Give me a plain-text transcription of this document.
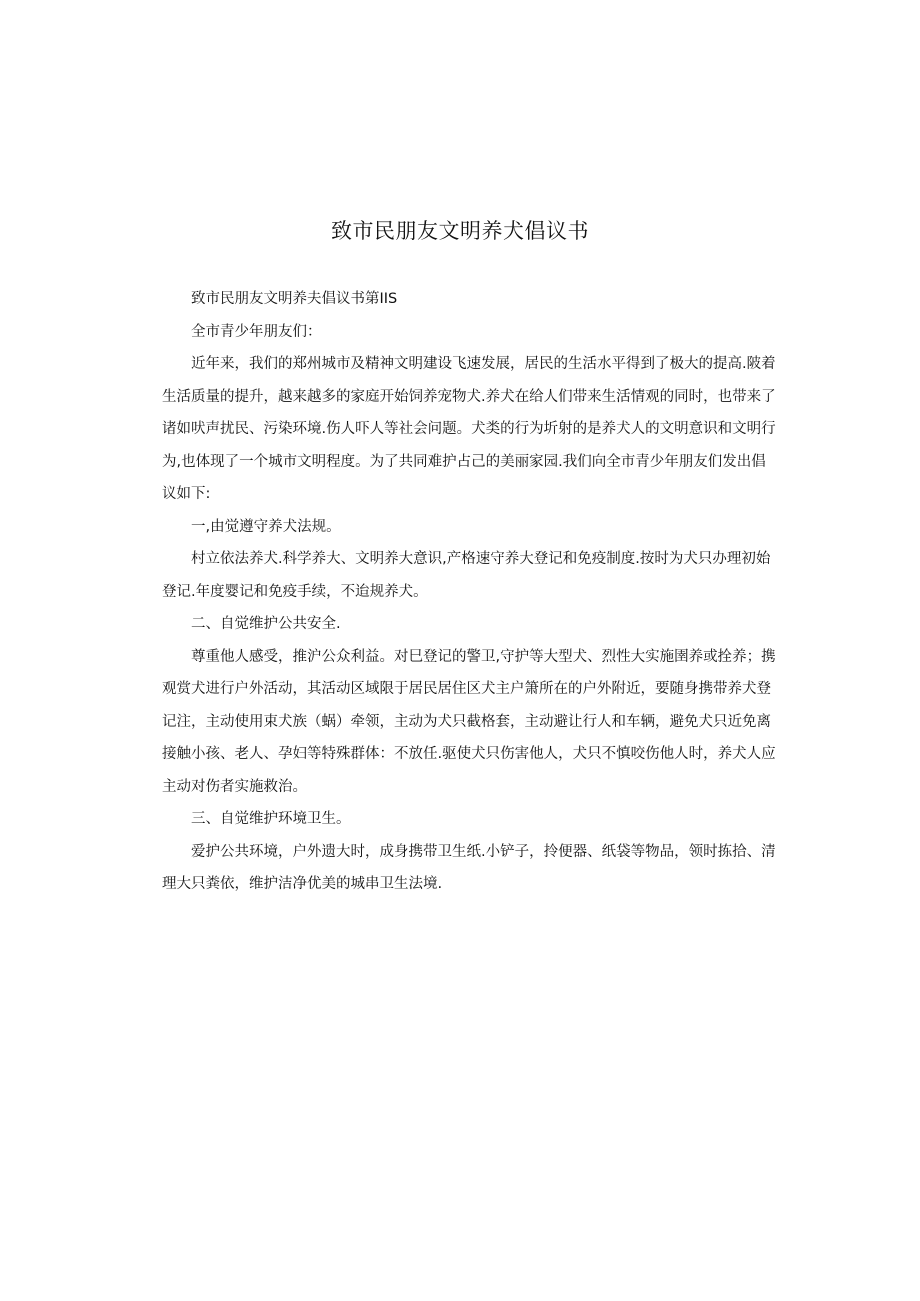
致市民朋友文明养犬倡议书

致市民朋友文明养夫倡议书第IIS

全市青少年朋友们：

近年来，我们的郑州城市及精神文明建设飞速发展，居民的生活水平得到了极大的提高.陂着生活质量的提升，越来越多的家庭开始饲养宠物犬.养犬在给人们带来生活情观的同时，也带来了诸如吠声扰民、污染环境.伤人吓人等社会问题。犬类的行为圻射的是养犬人的文明意识和文明行为,也体现了一个城市文明程度。为了共同难护占己的美丽家园.我们向全市青少年朋友们发出倡议如下:

一,由觉遵守养犬法规。

村立依法养犬.科学养大、文明养大意识,产格速守养大登记和免疫制度.按时为犬只办理初始登记.年度婴记和免疫手续，不迨规养犬。

二、自觉维护公共安全.

尊重他人感受，推沪公众利益。对巳登记的警卫,守护等大型犬、烈性大实施圉养或拴养；携观赏犬进行户外活动，其活动区域限于居民居住区犬主户箫所在的户外附近，要随身携带养犬登记注，主动使用束犬族（蜗）牵领，主动为犬只截格套，主动避让行人和车辆，避免犬只近免离接触小孩、老人、孕妇等特殊群体：不放任.驱使犬只伤害他人，犬只不慎咬伤他人时，养犬人应主动对伤者实施救治。

三、自觉维护环境卫生。

爱护公共环境，户外遗大时，成身携带卫生纸.小铲子，拎便器、纸袋等物品，领时拣拾、清理大只粪依，维护洁净优美的城串卫生法境.
